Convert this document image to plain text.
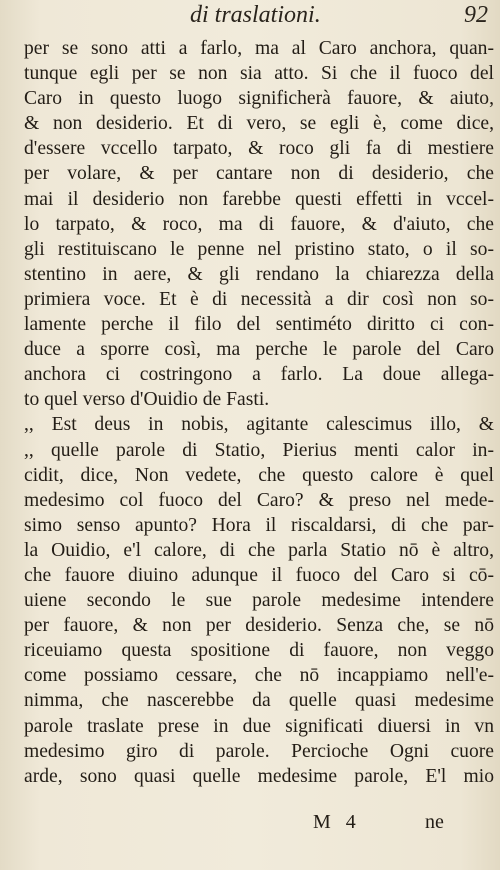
di traslationi.	92
per se sono atti a farlo, ma al Caro anchora, quan-
tunque egli per se non sia atto. Si che il fuoco del
Caro in questo luogo significherà fauore, & aiuto,
& non desiderio. Et di vero, se egli è, come dice,
d'essere vccello tarpato, & roco gli fa di mestiere
per volare, & per cantare non di desiderio, che
mai il desiderio non farebbe questi effetti in vccel-
lo tarpato, & roco, ma di fauore, & d'aiuto, che
gli restituiscano le penne nel pristino stato, o il so-
stentino in aere, & gli rendano la chiarezza della
primiera voce. Et è di necessità a dir così non so-
lamente perche il filo del sentiméto diritto ci con-
duce a sporre così, ma perche le parole del Caro
anchora ci costringono a farlo. La doue allega-
to quel verso d'Ouidio de Fasti.
,, Est deus in nobis, agitante calescimus illo, &
,, quelle parole di Statio, Pierius menti calor in-
cidit, dice, Non vedete, che questo calore è quel
medesimo col fuoco del Caro? & preso nel mede-
simo senso apunto? Hora il riscaldarsi, di che par-
la Ouidio, e'l calore, di che parla Statio nō è altro,
che fauore diuino adunque il fuoco del Caro si cō-
uiene secondo le sue parole medesime intendere
per fauore, & non per desiderio. Senza che, se nō
riceuiamo questa spositione di fauore, non veggo
come possiamo cessare, che nō incappiamo nell'e-
nimma, che nascerebbe da quelle quasi medesime
parole traslate prese in due significati diuersi in vn
medesimo giro di parole. Percioche Ogni cuore
arde, sono quasi quelle medesime parole, E'l mio
M 4	ne
